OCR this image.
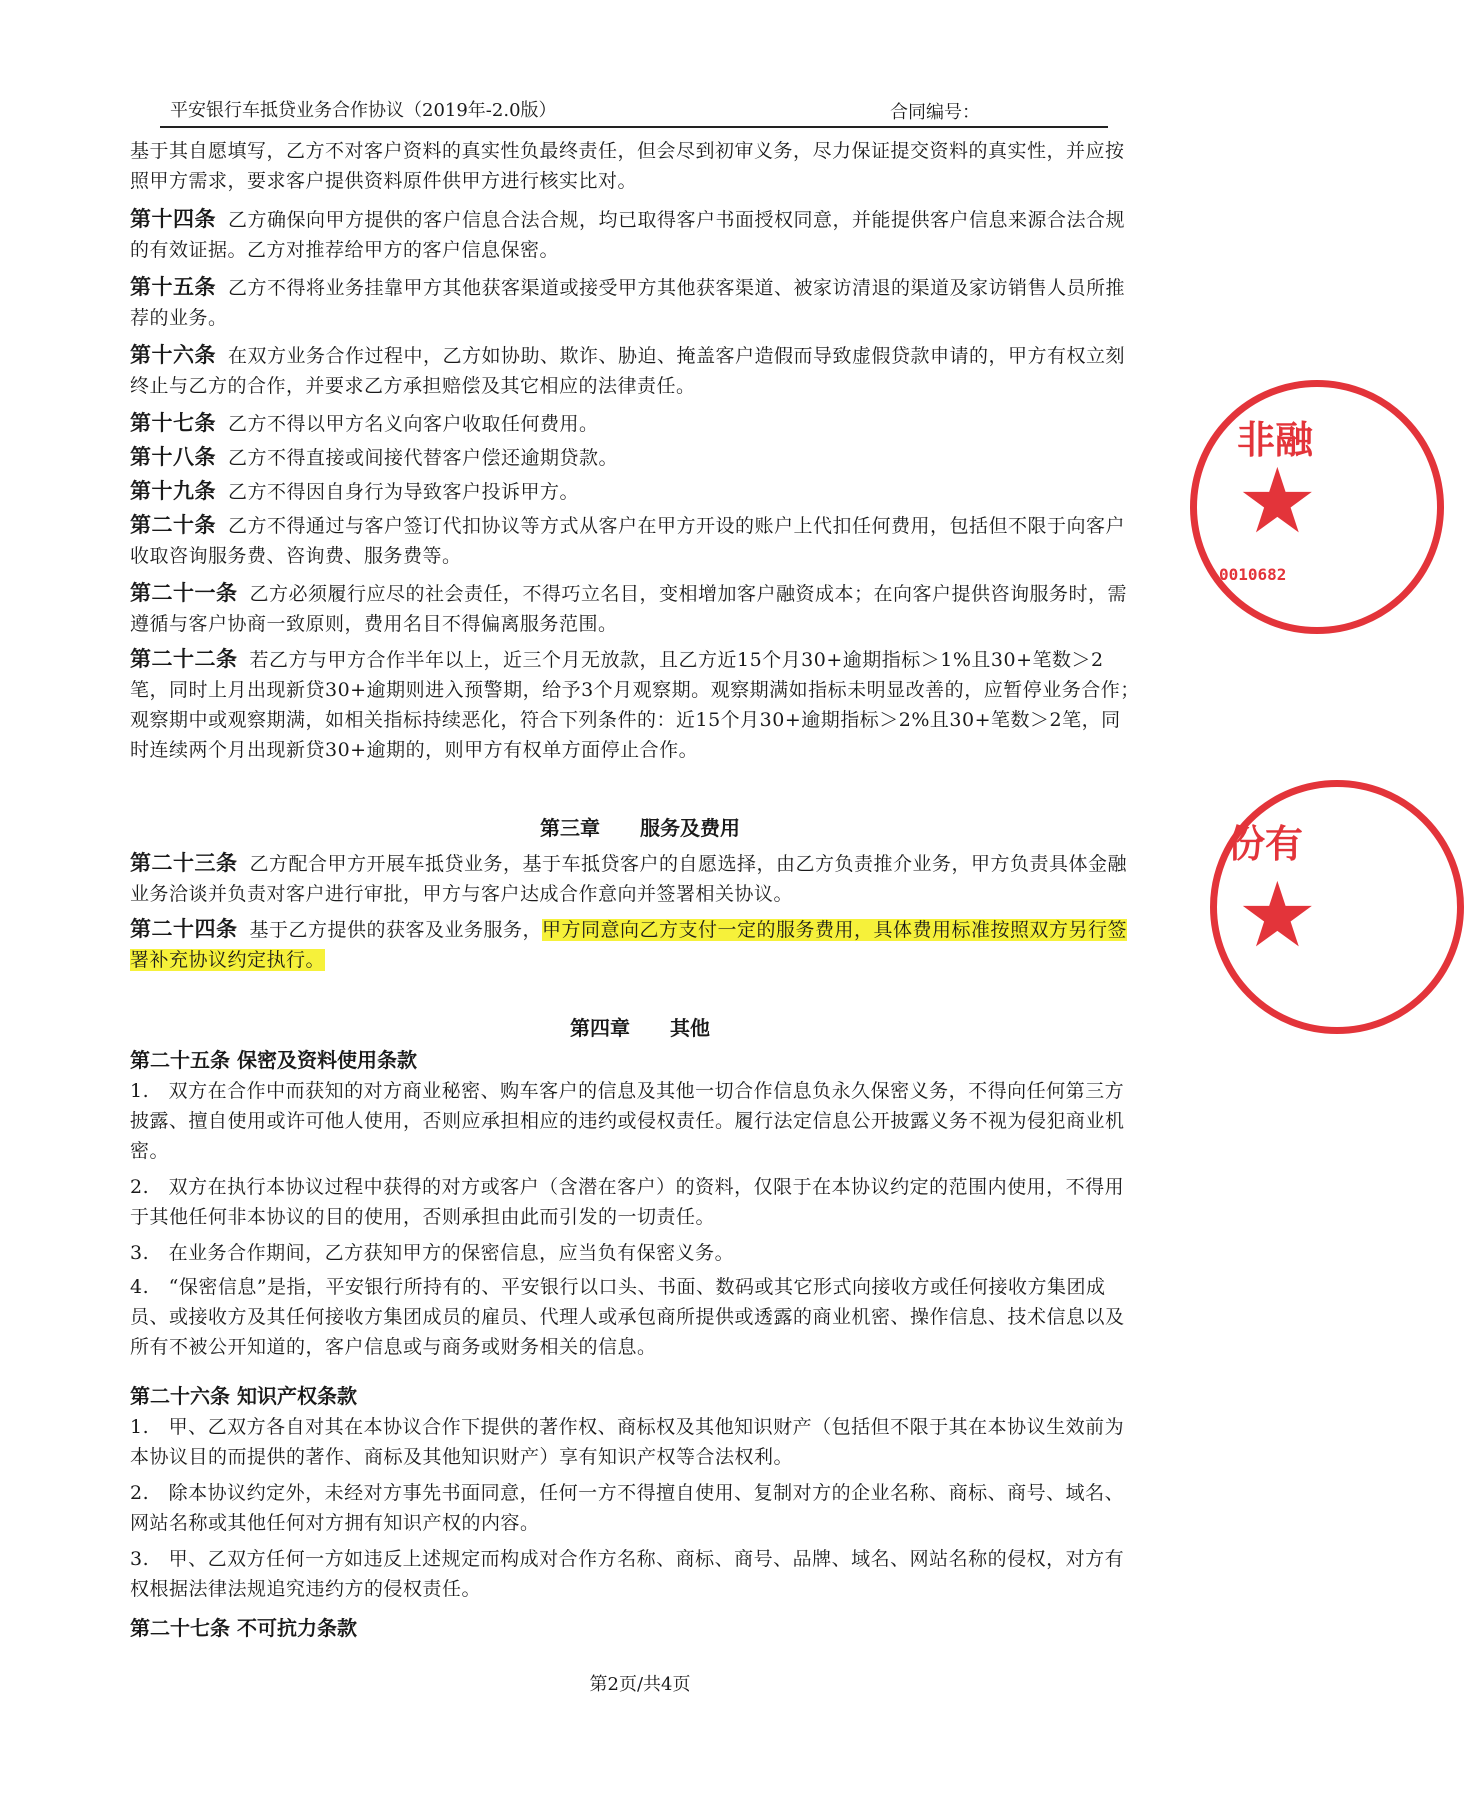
平安银行车抵贷业务合作协议（2019年-2.0版）	合同编号：
基于其自愿填写，乙方不对客户资料的真实性负最终责任，但会尽到初审义务，尽力保证提交资料的真实性，并应按照甲方需求，要求客户提供资料原件供甲方进行核实比对。
第十四条 乙方确保向甲方提供的客户信息合法合规，均已取得客户书面授权同意，并能提供客户信息来源合法合规的有效证据。乙方对推荐给甲方的客户信息保密。
第十五条 乙方不得将业务挂靠甲方其他获客渠道或接受甲方其他获客渠道、被家访清退的渠道及家访销售人员所推荐的业务。
第十六条 在双方业务合作过程中，乙方如协助、欺诈、胁迫、掩盖客户造假而导致虚假贷款申请的，甲方有权立刻终止与乙方的合作，并要求乙方承担赔偿及其它相应的法律责任。
第十七条 乙方不得以甲方名义向客户收取任何费用。
第十八条 乙方不得直接或间接代替客户偿还逾期贷款。
第十九条 乙方不得因自身行为导致客户投诉甲方。
第二十条 乙方不得通过与客户签订代扣协议等方式从客户在甲方开设的账户上代扣任何费用，包括但不限于向客户收取咨询服务费、咨询费、服务费等。
第二十一条 乙方必须履行应尽的社会责任，不得巧立名目，变相增加客户融资成本；在向客户提供咨询服务时，需遵循与客户协商一致原则，费用名目不得偏离服务范围。
第二十二条 若乙方与甲方合作半年以上，近三个月无放款，且乙方近15个月30+逾期指标＞1%且30+笔数＞2笔，同时上月出现新贷30+逾期则进入预警期，给予3个月观察期。观察期满如指标未明显改善的，应暂停业务合作；观察期中或观察期满，如相关指标持续恶化，符合下列条件的：近15个月30+逾期指标＞2%且30+笔数＞2笔，同时连续两个月出现新贷30+逾期的，则甲方有权单方面停止合作。
第三章 服务及费用
第二十三条 乙方配合甲方开展车抵贷业务，基于车抵贷客户的自愿选择，由乙方负责推介业务，甲方负责具体金融业务洽谈并负责对客户进行审批，甲方与客户达成合作意向并签署相关协议。
第二十四条 基于乙方提供的获客及业务服务，甲方同意向乙方支付一定的服务费用，具体费用标准按照双方另行签署补充协议约定执行。
第四章 其他
第二十五条 保密及资料使用条款
1.　双方在合作中而获知的对方商业秘密、购车客户的信息及其他一切合作信息负永久保密义务，不得向任何第三方披露、擅自使用或许可他人使用，否则应承担相应的违约或侵权责任。履行法定信息公开披露义务不视为侵犯商业机密。
2.　双方在执行本协议过程中获得的对方或客户（含潜在客户）的资料，仅限于在本协议约定的范围内使用，不得用于其他任何非本协议的目的使用，否则承担由此而引发的一切责任。
3.　在业务合作期间，乙方获知甲方的保密信息，应当负有保密义务。
4.　“保密信息”是指，平安银行所持有的、平安银行以口头、书面、数码或其它形式向接收方或任何接收方集团成员、或接收方及其任何接收方集团成员的雇员、代理人或承包商所提供或透露的商业机密、操作信息、技术信息以及所有不被公开知道的，客户信息或与商务或财务相关的信息。
第二十六条 知识产权条款
1.　甲、乙双方各自对其在本协议合作下提供的著作权、商标权及其他知识财产（包括但不限于其在本协议生效前为本协议目的而提供的著作、商标及其他知识财产）享有知识产权等合法权利。
2.　除本协议约定外，未经对方事先书面同意，任何一方不得擅自使用、复制对方的企业名称、商标、商号、域名、网站名称或其他任何对方拥有知识产权的内容。
3.　甲、乙双方任何一方如违反上述规定而构成对合作方名称、商标、商号、品牌、域名、网站名称的侵权，对方有权根据法律法规追究违约方的侵权责任。
第二十七条 不可抗力条款
第2页/共4页
非融
★
0010682
份有
★
